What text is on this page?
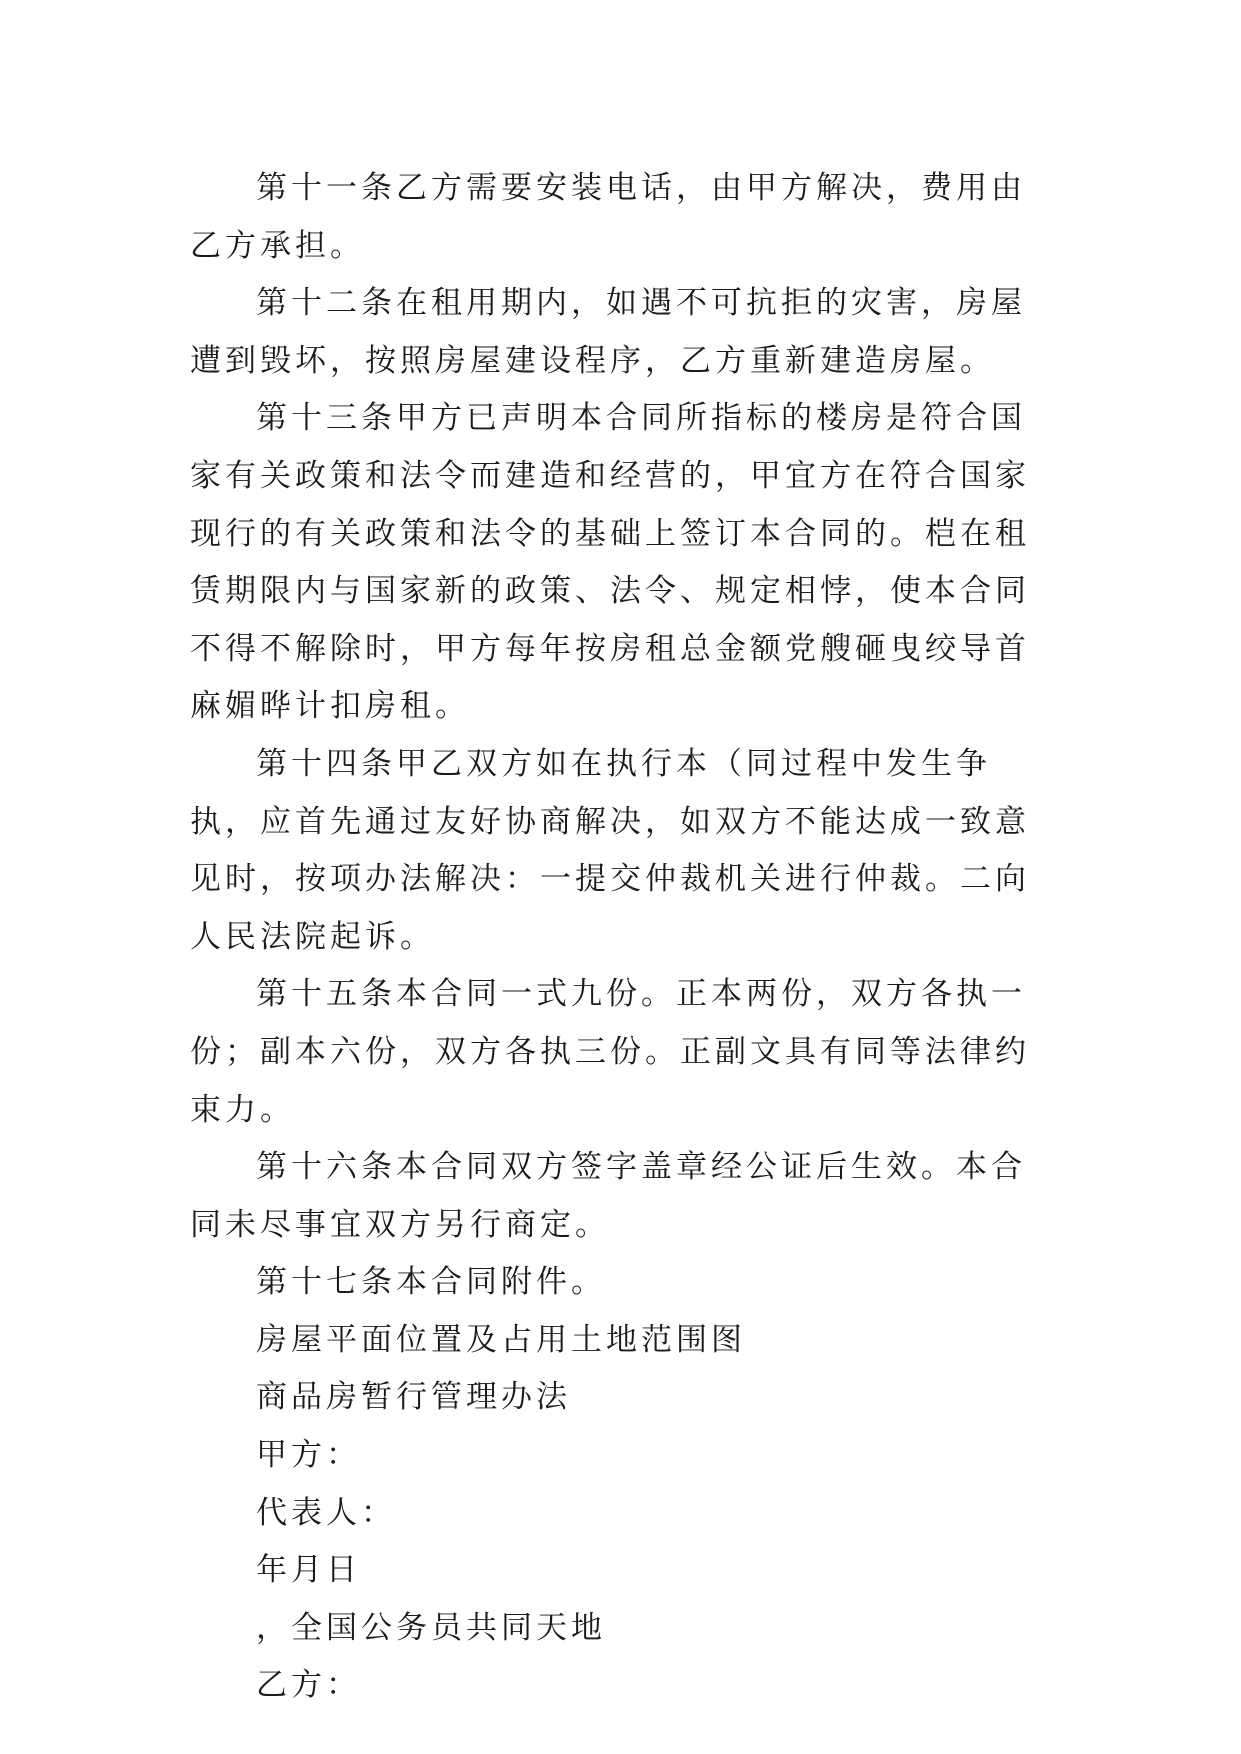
第十一条乙方需要安装电话，由甲方解决，费用由乙方承担。

第十二条在租用期内，如遇不可抗拒的灾害，房屋遭到毁坏，按照房屋建设程序，乙方重新建造房屋。

第十三条甲方已声明本合同所指标的楼房是符合国家有关政策和法令而建造和经营的，甲宜方在符合国家现行的有关政策和法令的基础上签订本合同的。桤在租赁期限内与国家新的政策、法令、规定相悖，使本合同不得不解除时，甲方每年按房租总金额党艘砸曳绞导首麻媚晔计扣房租。

第十四条甲乙双方如在执行本（同过程中发生争执，应首先通过友好协商解决，如双方不能达成一致意见时，按项办法解决：一提交仲裁机关进行仲裁。二向人民法院起诉。

第十五条本合同一式九份。正本两份，双方各执一份；副本六份，双方各执三份。正副文具有同等法律约束力。

第十六条本合同双方签字盖章经公证后生效。本合同未尽事宜双方另行商定。

第十七条本合同附件。

房屋平面位置及占用土地范围图

商品房暂行管理办法

甲方：

代表人：

年月日

，全国公务员共同天地

乙方：
